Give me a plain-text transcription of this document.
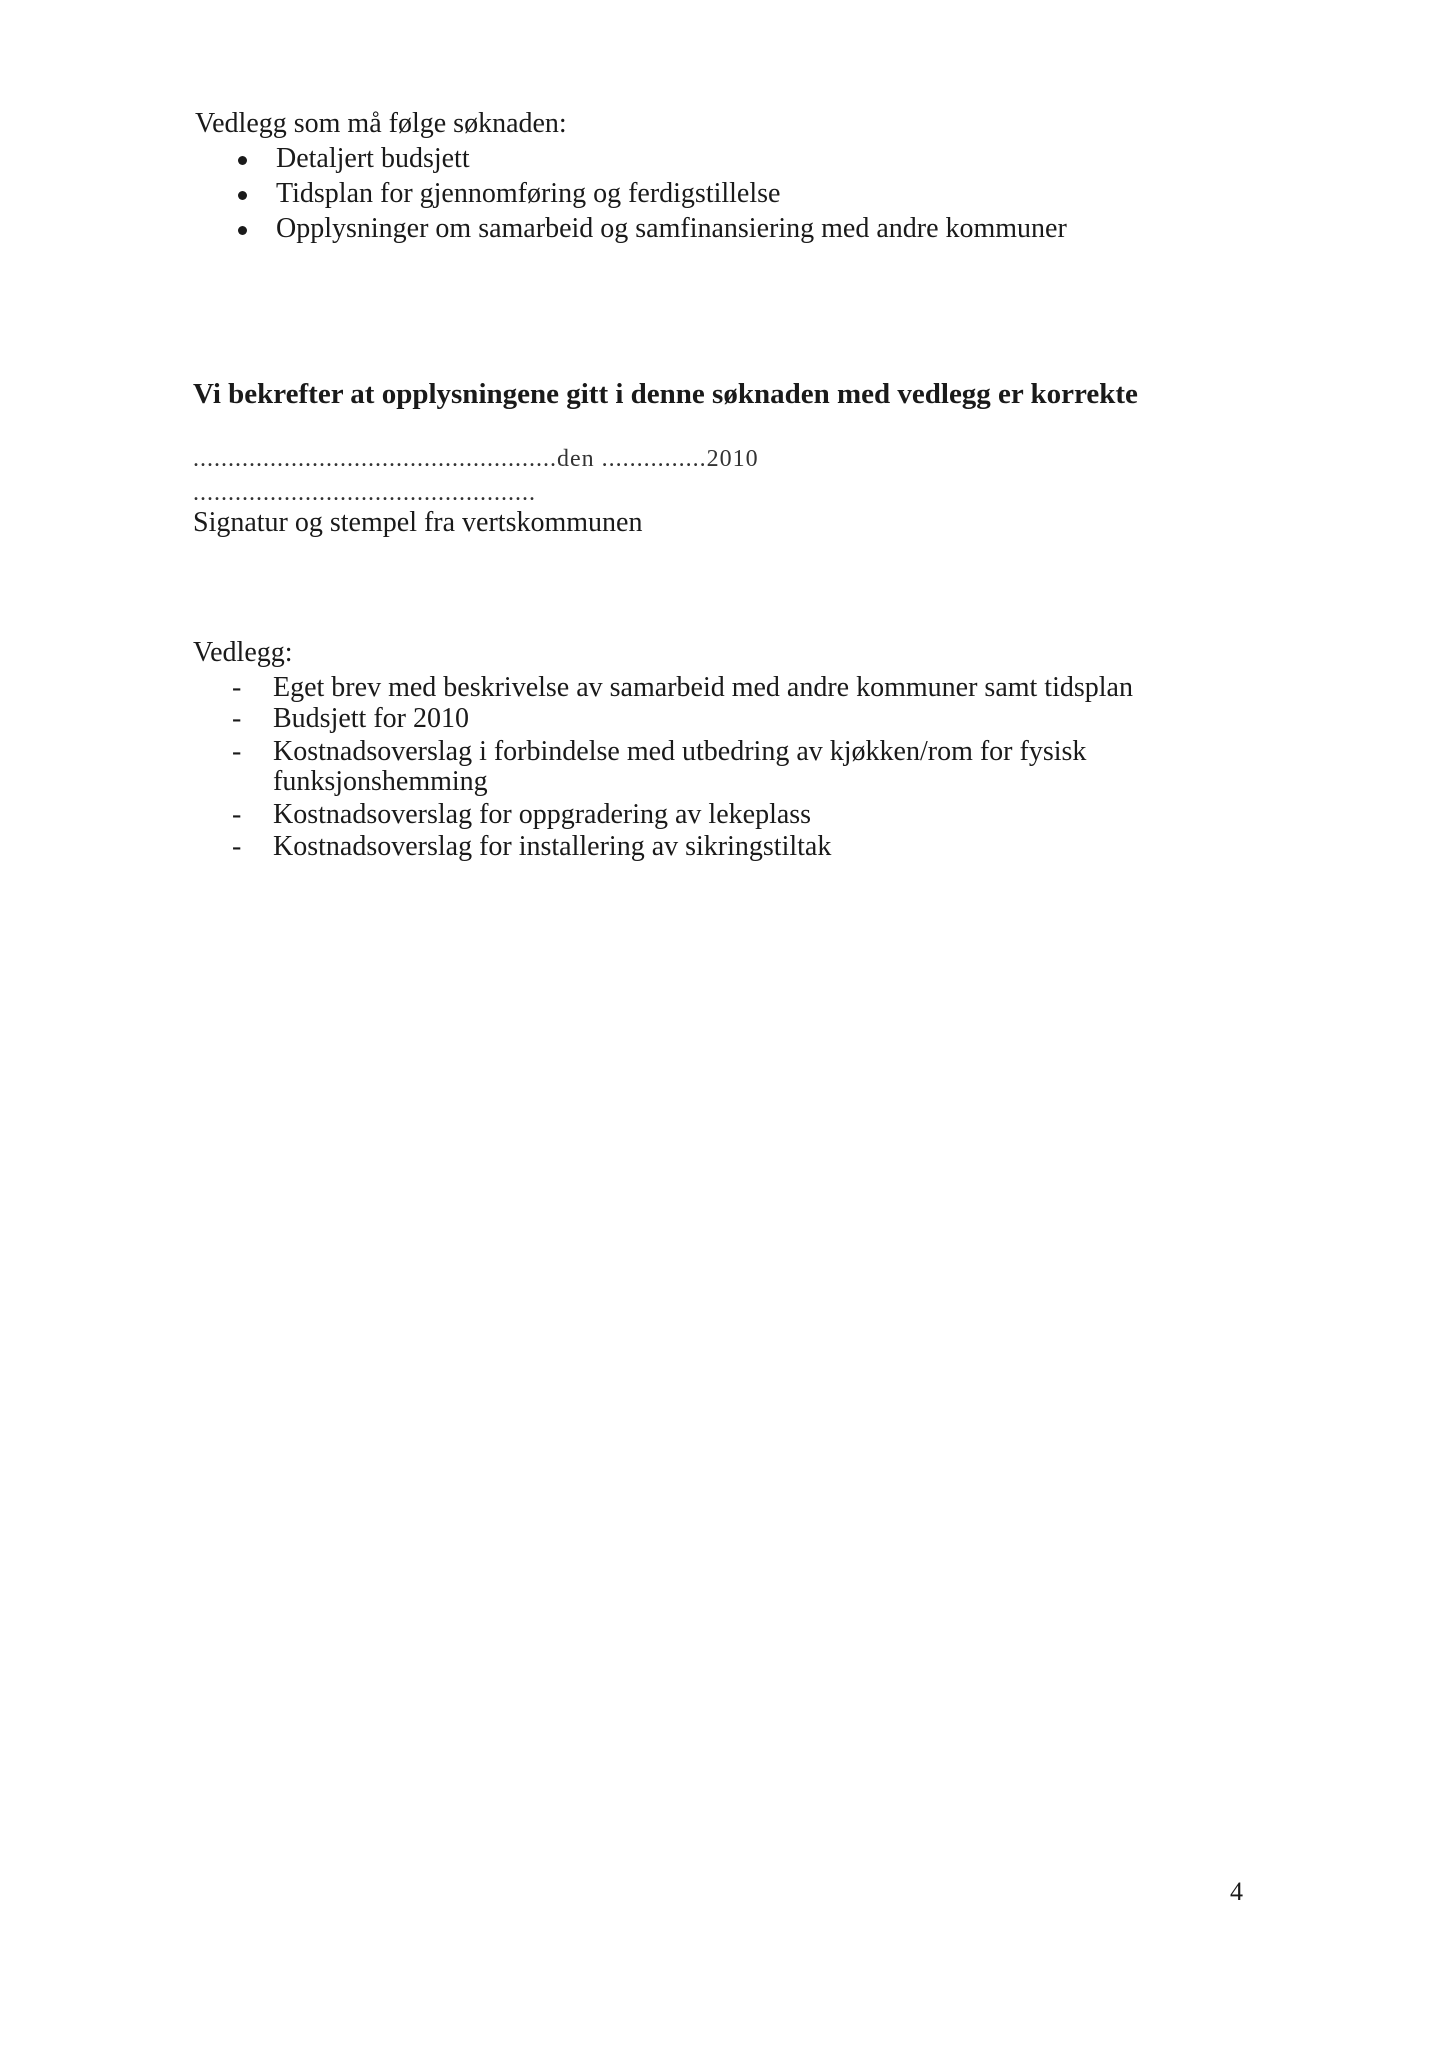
Vedlegg som må følge søknaden:
Detaljert budsjett
Tidsplan for gjennomføring og ferdigstillelse
Opplysninger om samarbeid og samfinansiering med andre kommuner
Vi bekrefter at opplysningene gitt i denne søknaden med vedlegg er korrekte
....................................................den ...............2010
.................................................
Signatur og stempel fra vertskommunen
Vedlegg:
- Eget brev med beskrivelse av samarbeid med andre kommuner samt tidsplan
- Budsjett for 2010
- Kostnadsoverslag i forbindelse med utbedring av kjøkken/rom for fysisk
funksjonshemming
- Kostnadsoverslag for oppgradering av lekeplass
- Kostnadsoverslag for installering av sikringstiltak
4
